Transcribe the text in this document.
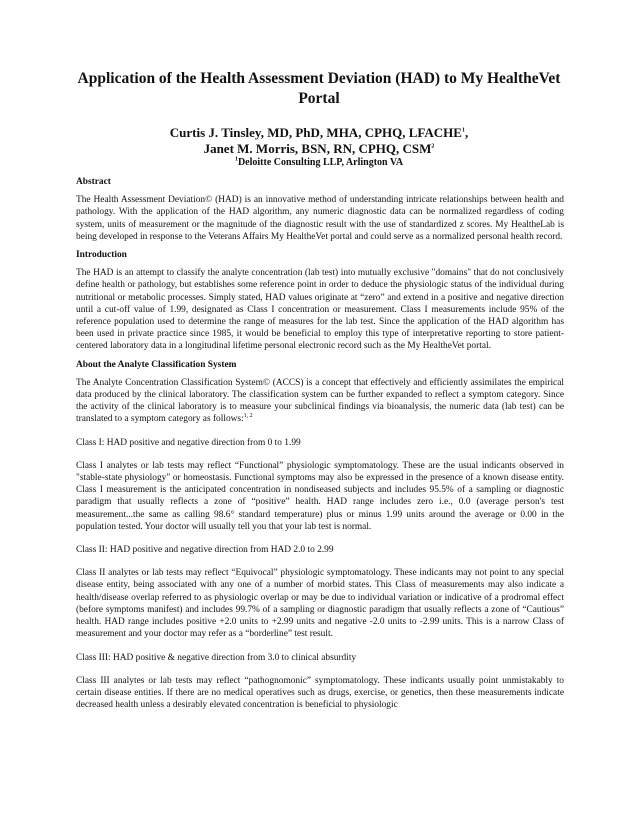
Application of the Health Assessment Deviation (HAD) to My HealtheVet Portal
Curtis J. Tinsley, MD, PhD, MHA, CPHQ, LFACHE$^1$,
Janet M. Morris, BSN, RN, CPHQ, CSM$^2$
$^1$Deloitte Consulting LLP, Arlington VA

Abstract

The Health Assessment Deviation© (HAD) is an innovative method of understanding intricate relationships between health and pathology. With the application of the HAD algorithm, any numeric diagnostic data can be normalized regardless of coding system, units of measurement or the magnitude of the diagnostic result with the use of standardized z scores. My HealtheLab is being developed in response to the Veterans Affairs My HealtheVet portal and could serve as a normalized personal health record.

Introduction

The HAD is an attempt to classify the analyte concentration (lab test) into mutually exclusive "domains" that do not conclusively define health or pathology, but establishes some reference point in order to deduce the physiologic status of the individual during nutritional or metabolic processes. Simply stated, HAD values originate at “zero” and extend in a positive and negative direction until a cut-off value of 1.99, designated as Class I concentration or measurement. Class I measurements include 95% of the reference population used to determine the range of measures for the lab test. Since the application of the HAD algorithm has been used in private practice since 1985, it would be beneficial to employ this type of interpretative reporting to store patient-centered laboratory data in a longitudinal lifetime personal electronic record such as the My HealtheVet portal.

About the Analyte Classification System

The Analyte Concentration Classification System© (ACCS) is a concept that effectively and efficiently assimilates the empirical data produced by the clinical laboratory. The classification system can be further expanded to reflect a symptom category. Since the activity of the clinical laboratory is to measure your subclinical findings via bioanalysis, the numeric data (lab test) can be translated to a symptom category as follows:$^{1, 2}$

Class I: HAD positive and negative direction from 0 to 1.99

Class I analytes or lab tests may reflect “Functional” physiologic symptomatology. These are the usual indicants observed in "stable-state physiology" or homeostasis. Functional symptoms may also be expressed in the presence of a known disease entity. Class I measurement is the anticipated concentration in nondiseased subjects and includes 95.5% of a sampling or diagnostic paradigm that usually reflects a zone of “positive” health. HAD range includes zero i.e., 0.0 (average person's test measurement...the same as calling 98.6° standard temperature) plus or minus 1.99 units around the average or 0.00 in the population tested. Your doctor will usually tell you that your lab test is normal.

Class II: HAD positive and negative direction from HAD 2.0 to 2.99

Class II analytes or lab tests may reflect “Equivocal” physiologic symptomatology. These indicants may not point to any special disease entity, being associated with any one of a number of morbid states. This Class of measurements may also indicate a health/disease overlap referred to as physiologic overlap or may be due to individual variation or indicative of a prodromal effect (before symptoms manifest) and includes 99.7% of a sampling or diagnostic paradigm that usually reflects a zone of “Cautious” health. HAD range includes positive +2.0 units to +2.99 units and negative -2.0 units to -2.99 units. This is a narrow Class of measurement and your doctor may refer as a “borderline” test result.

Class III: HAD positive & negative direction from 3.0 to clinical absurdity

Class III analytes or lab tests may reflect “pathognomonic” symptomatology. These indicants usually point unmistakably to certain disease entities. If there are no medical operatives such as drugs, exercise, or genetics, then these measurements indicate decreased health unless a desirably elevated concentration is beneficial to physiologic
